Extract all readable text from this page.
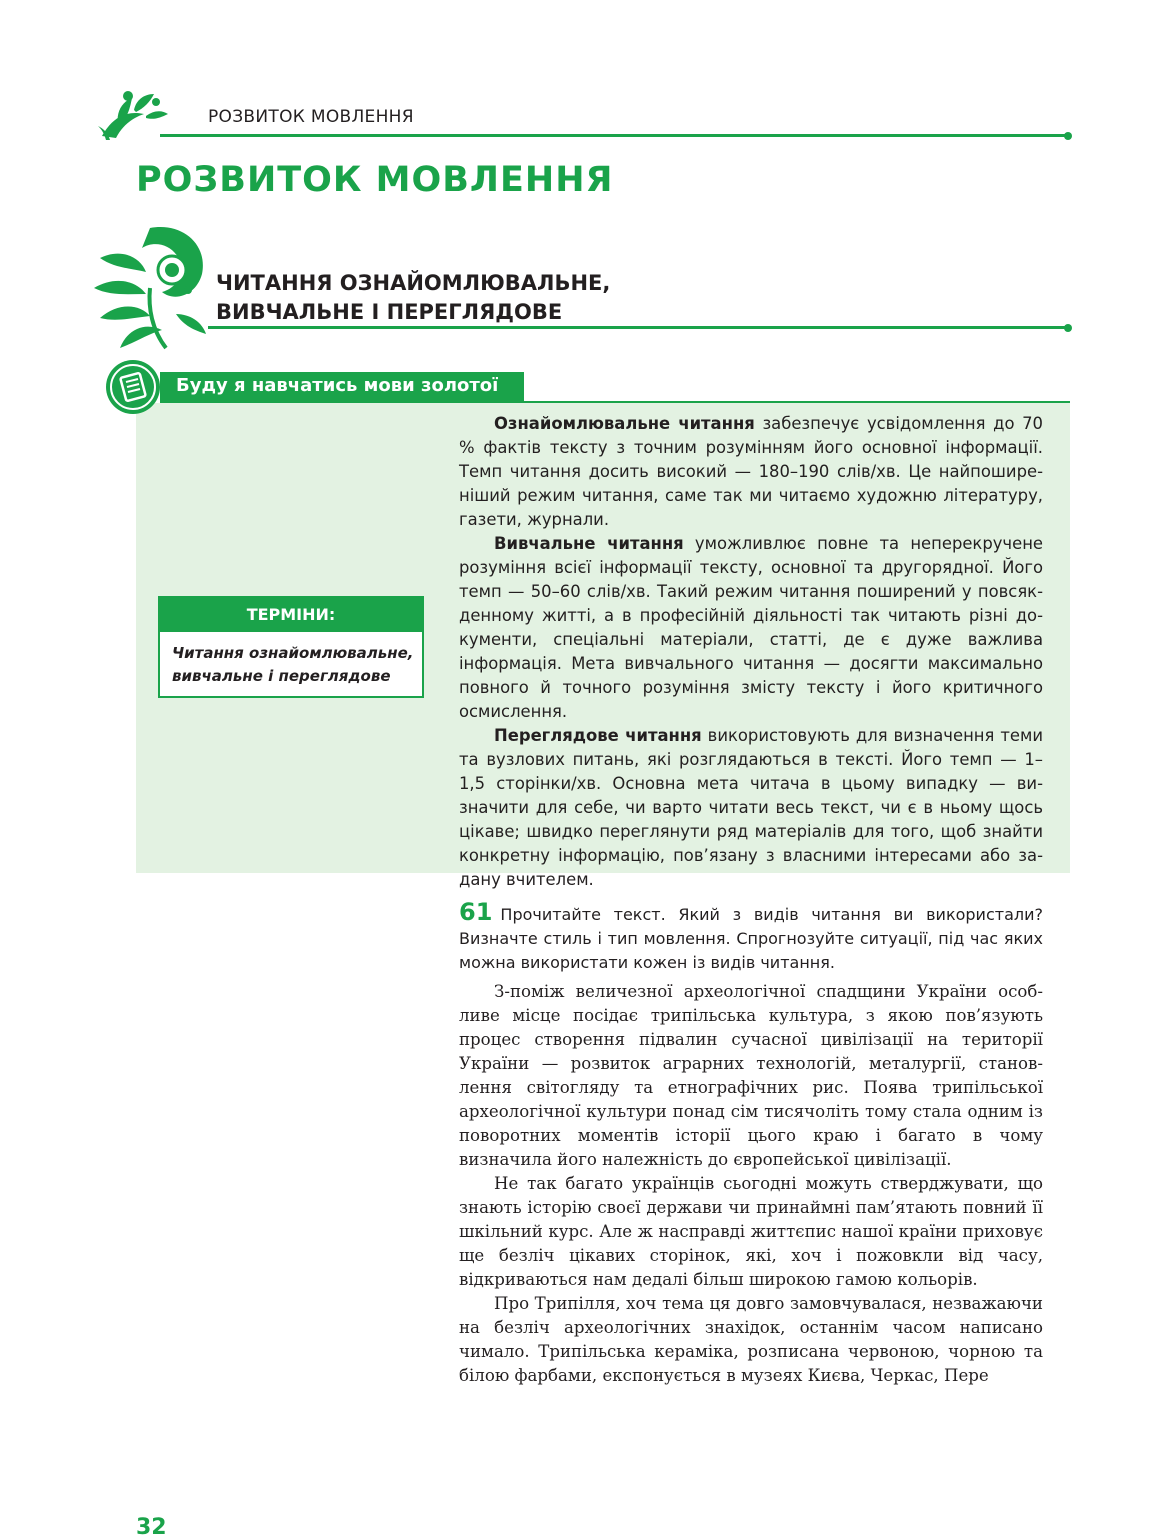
РОЗВИТОК МОВЛЕННЯ
РОЗВИТОК МОВЛЕННЯ
ЧИТАННЯ ОЗНАЙОМЛЮВАЛЬНЕ,
ВИВЧАЛЬНЕ І ПЕРЕГЛЯДОВЕ
Буду я навчатись мови золотої
ТЕРМІНИ:
Читання ознайомлювальне, вивчальне і переглядове

Ознайомлювальне читання забезпечує усвідомлення до 70 % фактів тексту з точним розумінням його основної інформації. Темп читання досить високий — 180–190 слів/хв. Це найпоширеніший режим читання, саме так ми читаємо художню літературу, газети, журнали.

Вивчальне читання уможливлює повне та неперекручене розуміння всієї інформації тексту, основної та другорядної. Його темп — 50–60 слів/хв. Такий режим читання поширений у повсякденному житті, а в професійній діяльності так читають різні документи, спеціальні матеріали, статті, де є дуже важлива інформація. Мета вивчального читання — досягти максимально повного й точного розуміння змісту тексту і його критичного осмислення.

Переглядове читання використовують для визначення теми та вузлових питань, які розглядаються в тексті. Його темп — 1–1,5 сторінки/хв. Основна мета читача в цьому випадку — визначити для себе, чи варто читати весь текст, чи є в ньому щось цікаве; швидко переглянути ряд матеріалів для того, щоб знайти конкретну інформацію, пов’язану з власними інтересами або задану вчителем.

61 Прочитайте текст. Який з видів читання ви використали? Визначте стиль і тип мовлення. Спрогнозуйте ситуації, під час яких можна використати кожен із видів читання.

З-поміж величезної археологічної спадщини України особливе місце посідає трипільська культура, з якою пов’язують процес створення підвалин сучасної цивілізації на території України — розвиток аграрних технологій, металургії, становлення світогляду та етнографічних рис. Поява трипільської археологічної культури понад сім тисячоліть тому стала одним із поворотних моментів історії цього краю і багато в чому визначила його належність до європейської цивілізації.

Не так багато українців сьогодні можуть стверджувати, що знають історію своєї держави чи принаймні пам’ятають повний її шкільний курс. Але ж насправді життєпис нашої країни приховує ще безліч цікавих сторінок, які, хоч і пожовкли від часу, відкриваються нам дедалі більш широкою гамою кольорів.

Про Трипілля, хоч тема ця довго замовчувалася, незважаючи на безліч археологічних знахідок, останнім часом написано чимало. Трипільська кераміка, розписана червоною, чорною та білою фарбами, експонується в музеях Києва, Черкас, Пере

32
